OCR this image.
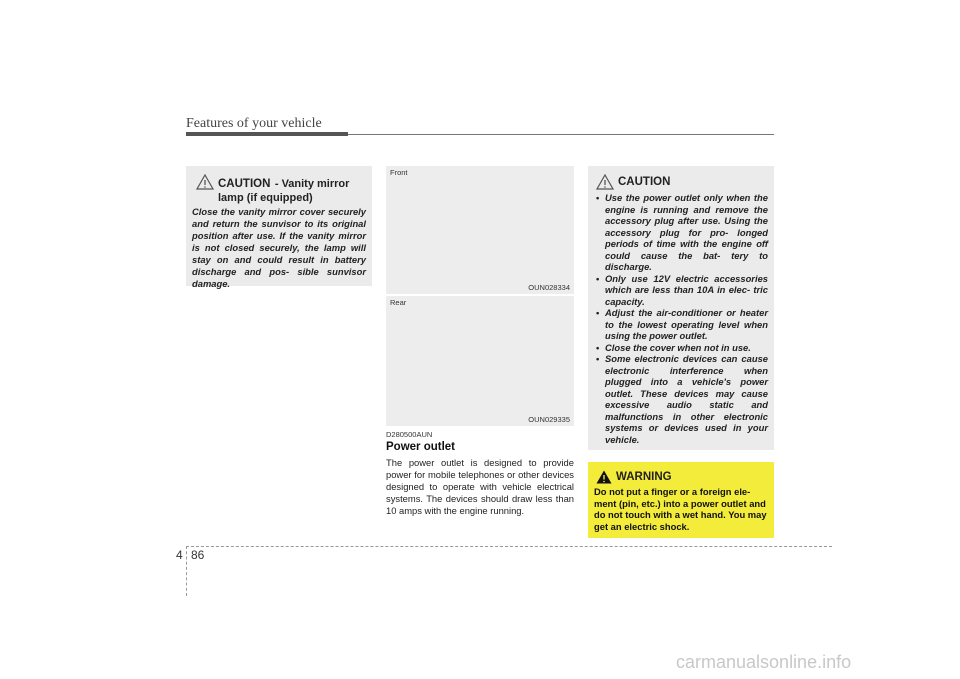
Features of your vehicle
CAUTION - Vanity mirror
lamp (if equipped)

Close the vanity mirror cover securely and return the sunvisor to its original position after use. If the vanity mirror is not closed securely, the lamp will stay on and could result in battery discharge and pos- sible sunvisor damage.

Front
OUN028334
Rear
OUN029335
D280500AUN
Power outlet

The power outlet is designed to provide power for mobile telephones or other devices designed to operate with vehicle electrical systems. The devices should draw less than 10 amps with the engine running.

CAUTION
• Use the power outlet only when the engine is running and remove the accessory plug after use. Using the accessory plug for pro- longed periods of time with the engine off could cause the bat- tery to discharge.
• Only use 12V electric accessories which are less than 10A in elec- tric capacity.
• Adjust the air-conditioner or heater to the lowest operating level when using the power outlet.
• Close the cover when not in use.
• Some electronic devices can cause electronic interference when plugged into a vehicle's power outlet. These devices may cause excessive audio static and malfunctions in other electronic systems or devices used in your vehicle.
WARNING

Do not put a finger or a foreign ele- ment (pin, etc.) into a power outlet and do not touch with a wet hand. You may get an electric shock.

4 86
carmanualsonline.info
